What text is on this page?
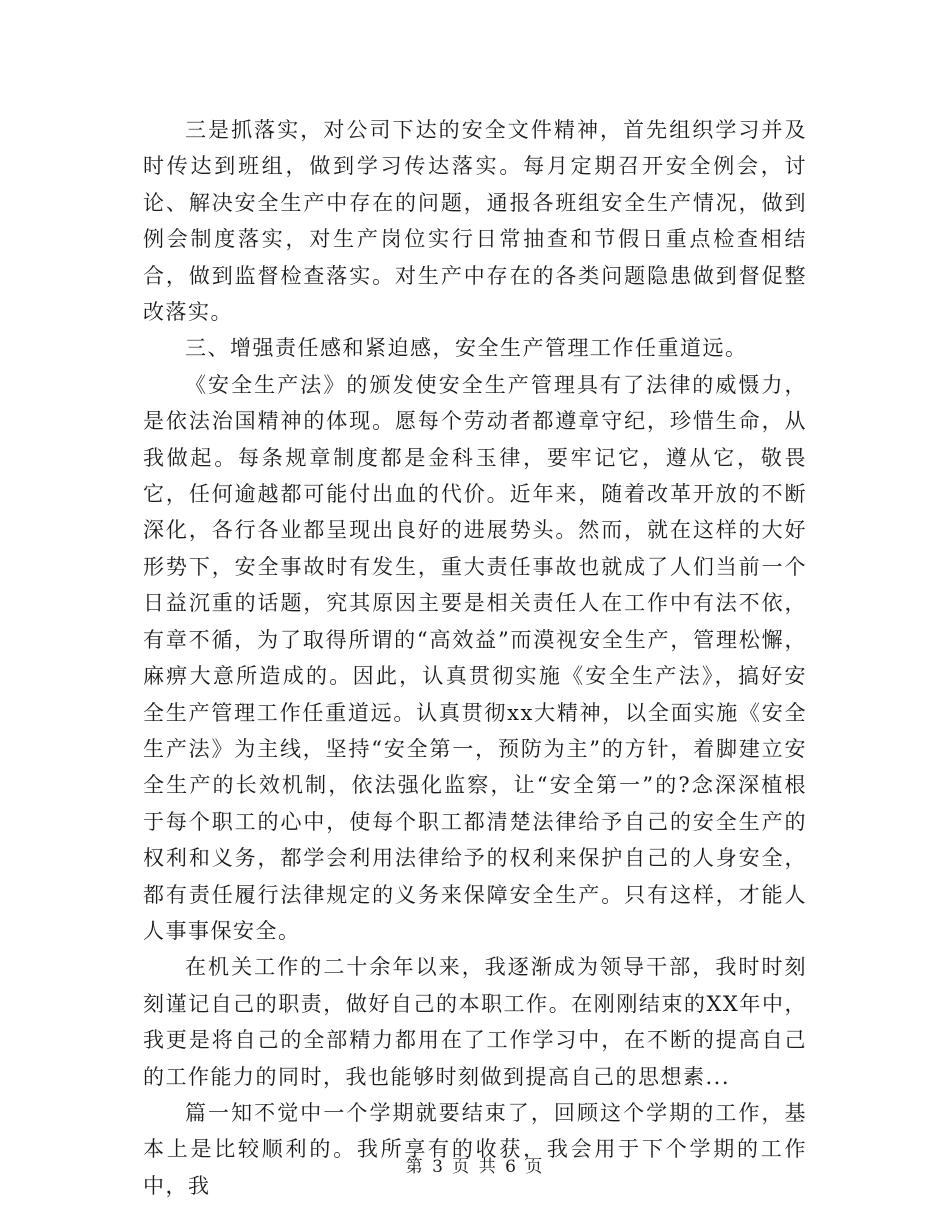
三是抓落实，对公司下达的安全文件精神，首先组织学习并及时传达到班组，做到学习传达落实。每月定期召开安全例会，讨论、解决安全生产中存在的问题，通报各班组安全生产情况，做到例会制度落实，对生产岗位实行日常抽查和节假日重点检查相结合，做到监督检查落实。对生产中存在的各类问题隐患做到督促整改落实。

三、增强责任感和紧迫感，安全生产管理工作任重道远。

《安全生产法》的颁发使安全生产管理具有了法律的威慑力，是依法治国精神的体现。愿每个劳动者都遵章守纪，珍惜生命，从我做起。每条规章制度都是金科玉律，要牢记它，遵从它，敬畏它，任何逾越都可能付出血的代价。近年来，随着改革开放的不断深化，各行各业都呈现出良好的进展势头。然而，就在这样的大好形势下，安全事故时有发生，重大责任事故也就成了人们当前一个日益沉重的话题，究其原因主要是相关责任人在工作中有法不依，有章不循，为了取得所谓的“高效益”而漠视安全生产，管理松懈，麻痹大意所造成的。因此，认真贯彻实施《安全生产法》，搞好安全生产管理工作任重道远。认真贯彻xx大精神，以全面实施《安全生产法》为主线，坚持“安全第一，预防为主”的方针，着脚建立安全生产的长效机制，依法强化监察，让“安全第一”的?念深深植根于每个职工的心中，使每个职工都清楚法律给予自己的安全生产的权利和义务，都学会利用法律给予的权利来保护自己的人身安全，都有责任履行法律规定的义务来保障安全生产。只有这样，才能人人事事保安全。

在机关工作的二十余年以来，我逐渐成为领导干部，我时时刻刻谨记自己的职责，做好自己的本职工作。在刚刚结束的XX年中，我更是将自己的全部精力都用在了工作学习中，在不断的提高自己的工作能力的同时，我也能够时刻做到提高自己的思想素...

篇一知不觉中一个学期就要结束了，回顾这个学期的工作，基本上是比较顺利的。我所享有的收获，我会用于下个学期的工作中，我

第 3 页 共 6 页
